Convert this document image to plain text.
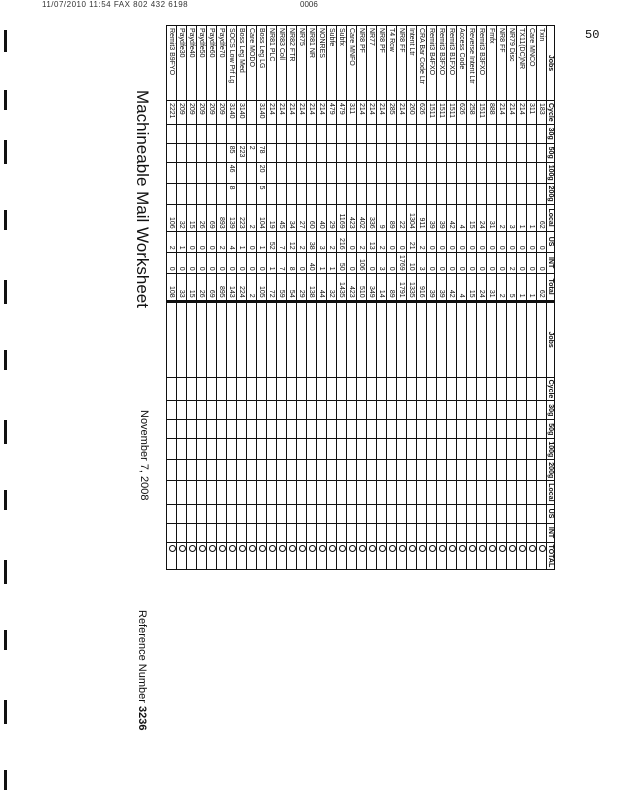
11/07/2010 11:54 FAX 802 432 6198	0006
50
Jobs	Cycle	30g	50g	100g	200g	Local	US	INT	Total	Jobs	Cycle	30g	50g	100g	200g	Local	US	INT	TOTAL
Txin	183					62	0	0	62										
Care MNCO	311					1	0	0	1										
TX11(DC)NR	214					1	0	0	1										
NR79 Disc	214					3	0	2	5										
NR8 FF	214					2	0	0	2										
Fmfx	888					31	0	0	31										
Remit3 B3FXO	1511					24	0	0	24										
Reverse Intent Ltr	258					15	0	0	15										
Access Code	626					4	0	0	4										
Remit3 B1FXO	1511					42	0	0	42										
Remit3 B3FXO	1511					39	0	0	39										
Remit3 B4FXO	1511					39	0	0	39										
CRA Bar Code Ltr	626					911	2	3	916										
Intent Ltr	260					1304	21	10	1335										
NR8 FF	214					22	0	1769	1791										
T4 Rcw	285					89	0	0	89										
NR8 PF	214					9	2	3	14										
NR77	214					336	13	0	349										
NR8 PF	214					402	2	106	510										
Care MNFO	311					423	0	0	423										
Subfx	479					1169	216	50	1435										
Subfe	479					29	2	1	32										
NONRES	214					40	3	1	44										
NR81 NR	214					60	38	40	138										
NR75	214					27	2	0	29										
NR82 FTR	214					34	12	8	54										
NR83 Coll	214					45	7	7	59										
NR81 PLC	214					19	52	1	72										
Boss Leg LG	3140		78	20	5	104	1	0	105										
Care MODO			2			2	0	0	2										
Boss Leg Med	3140		223			223	1	0	224										
SOCS Low Prf Lg	3140		85	46	8	139	4	0	143										
Paydfe70	209					893	2	0	895										
Paydfe60	209					69	0	0	69										
Paydfe50	209					26	0	0	26										
Paydfe40	209					15	0	0	15										
Paydfe30	209					32	1	0	33										
Remit3 B9FYO	2221					106	2	0	108										
Machineable Mail Worksheet
November 7, 2008
Reference Number 3236
